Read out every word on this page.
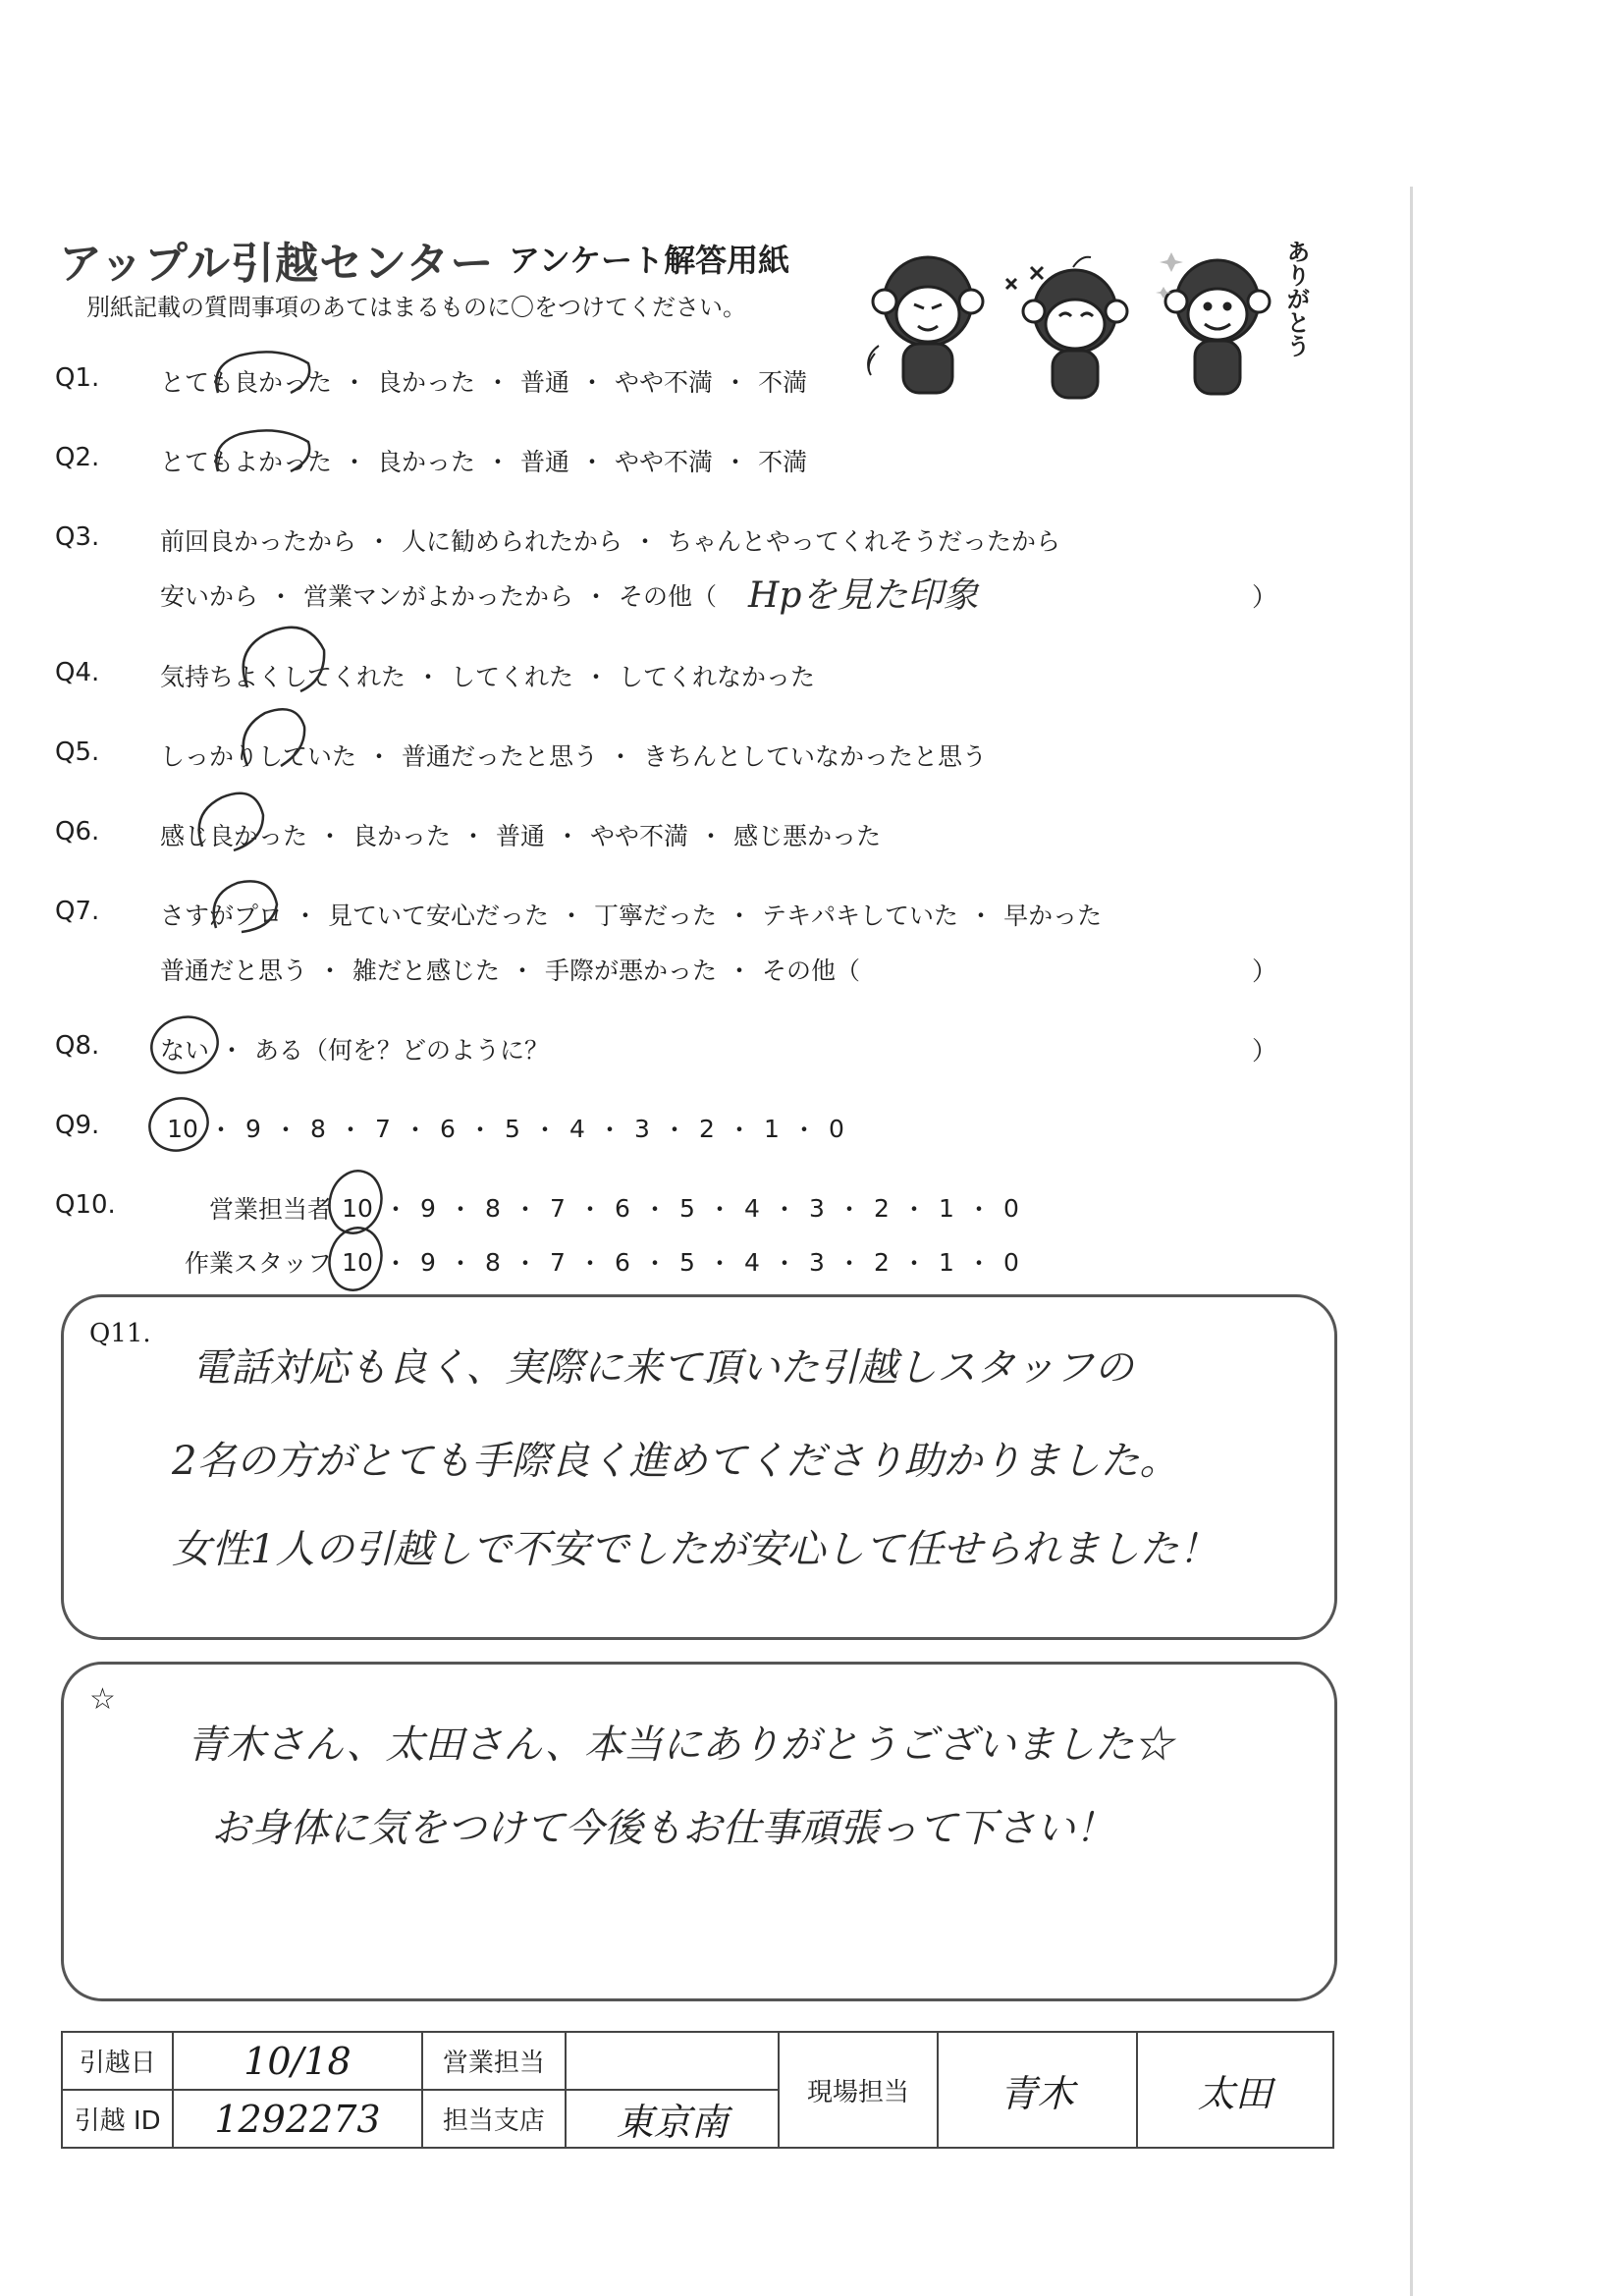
アップル引越センター アンケート解答用紙
別紙記載の質問事項のあてはまるものに〇をつけてください。	ありがとう
Q1. とても良かった ・ 良かった ・ 普通 ・ やや不満 ・ 不満
Q2. とてもよかった ・ 良かった ・ 普通 ・ やや不満 ・ 不満
Q3. 前回良かったから ・ 人に勧められたから ・ ちゃんとやってくれそうだったから
安いから ・ 営業マンがよかったから ・ その他（ Hpを見た印象	）
Q4. 気持ちよくしてくれた ・ してくれた ・ してくれなかった
Q5. しっかりしていた ・ 普通だったと思う ・ きちんとしていなかったと思う
Q6. 感じ良かった ・ 良かった ・ 普通 ・ やや不満 ・ 感じ悪かった
Q7. さすがプロ ・ 見ていて安心だった ・ 丁寧だった ・ テキパキしていた ・ 早かった
普通だと思う ・ 雑だと感じた ・ 手際が悪かった ・ その他（	）
Q8. ない ・ ある（何を？どのように？	）
Q9.	10 ・ 9 ・ 8 ・ 7 ・ 6 ・ 5 ・ 4 ・ 3 ・ 2 ・ 1 ・ 0
Q10.	営業担当者 10 ・ 9 ・ 8 ・ 7 ・ 6 ・ 5 ・ 4 ・ 3 ・ 2 ・ 1 ・ 0
作業スタッフ 10 ・ 9 ・ 8 ・ 7 ・ 6 ・ 5 ・ 4 ・ 3 ・ 2 ・ 1 ・ 0
Q11.
電話対応も良く、実際に来て頂いた引越しスタッフの
2名の方がとても手際良く進めてくださり助かりました。
女性1人の引越しで不安でしたが安心して任せられました！
☆
青木さん、太田さん、本当にありがとうございました☆
お身体に気をつけて今後もお仕事頑張って下さい！
引越日	10/18	営業担当		現場担当	青木	太田
引越 ID	1292273	担当支店	東京南			
